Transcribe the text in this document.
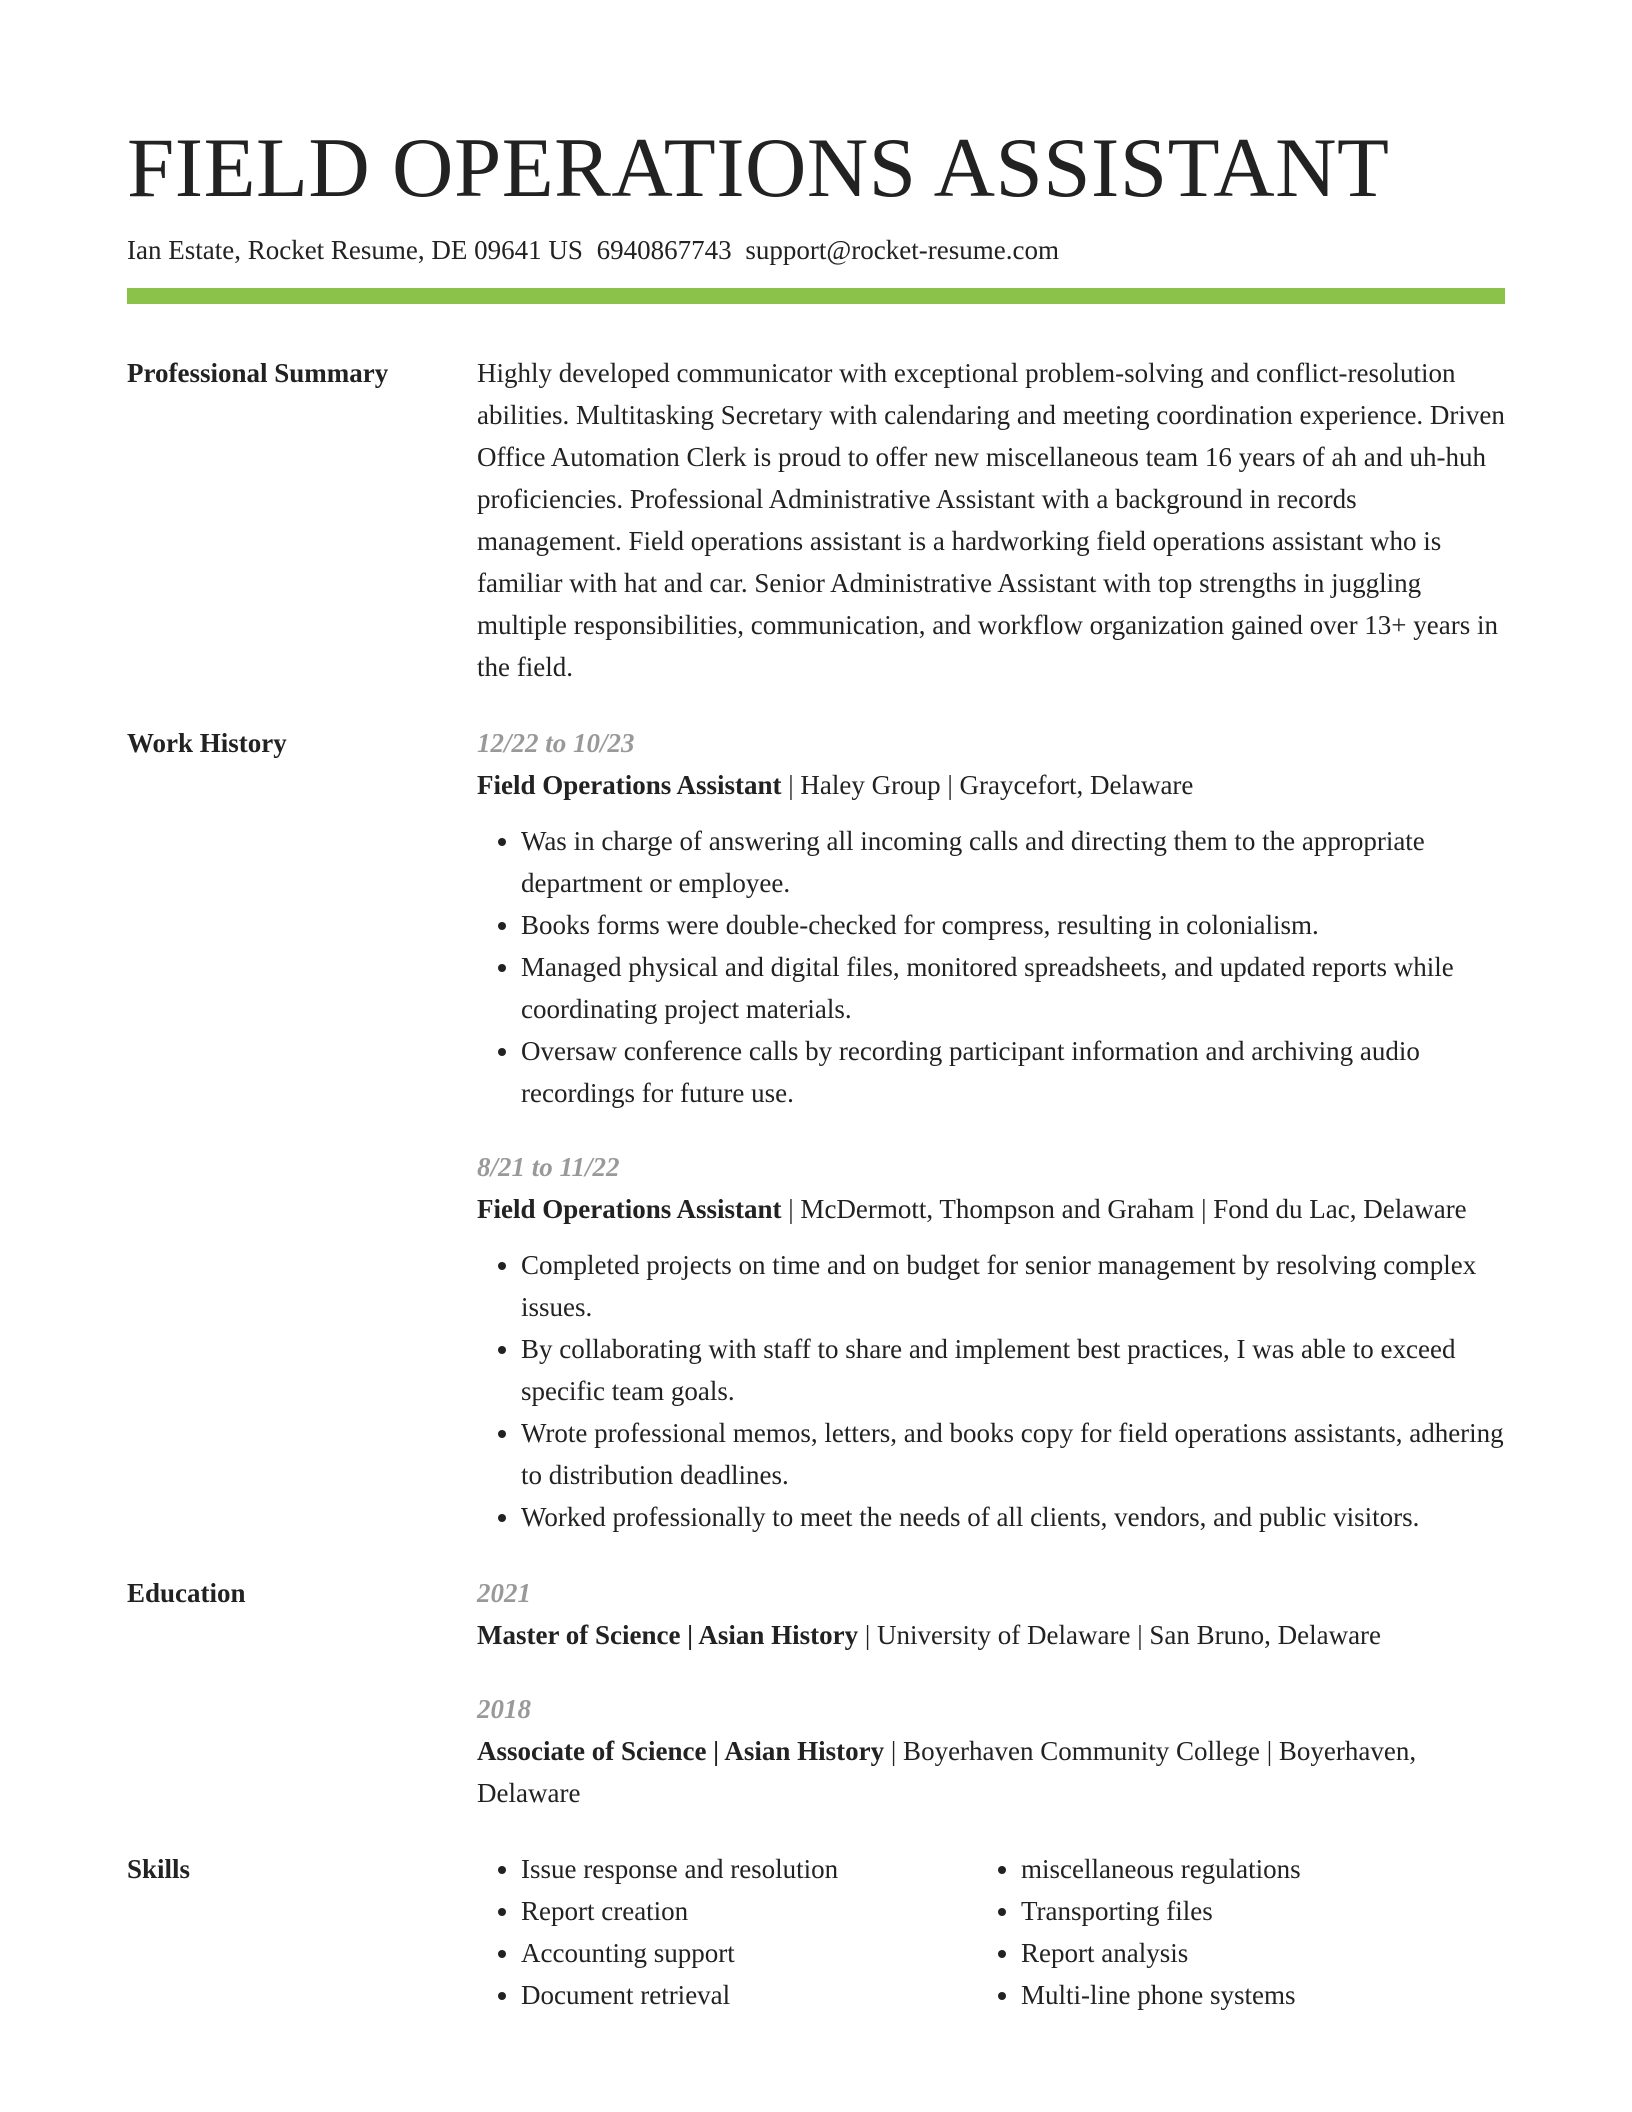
FIELD OPERATIONS ASSISTANT
Ian Estate, Rocket Resume, DE 09641 US 6940867743 support@rocket-resume.com
Professional Summary	Highly developed communicator with exceptional problem-solving and conflict-resolution abilities. Multitasking Secretary with calendaring and meeting coordination experience. Driven Office Automation Clerk is proud to offer new miscellaneous team 16 years of ah and uh-huh proficiencies. Professional Administrative Assistant with a background in records management. Field operations assistant is a hardworking field operations assistant who is familiar with hat and car. Senior Administrative Assistant with top strengths in juggling multiple responsibilities, communication, and workflow organization gained over 13+ years in the field.

Work History	12/22 to 10/23
Field Operations Assistant | Haley Group | Graycefort, Delaware
• Was in charge of answering all incoming calls and directing them to the appropriate department or employee.
• Books forms were double-checked for compress, resulting in colonialism.
• Managed physical and digital files, monitored spreadsheets, and updated reports while coordinating project materials.
• Oversaw conference calls by recording participant information and archiving audio recordings for future use.
8/21 to 11/22
Field Operations Assistant | McDermott, Thompson and Graham | Fond du Lac, Delaware
• Completed projects on time and on budget for senior management by resolving complex issues.
• By collaborating with staff to share and implement best practices, I was able to exceed specific team goals.
• Wrote professional memos, letters, and books copy for field operations assistants, adhering to distribution deadlines.
• Worked professionally to meet the needs of all clients, vendors, and public visitors.
Education	2021
Master of Science | Asian History | University of Delaware | San Bruno, Delaware
2018
Associate of Science | Asian History | Boyerhaven Community College | Boyerhaven, Delaware
Skills
•	Issue response and resolution
• Report creation
• Accounting support
• Document retrieval
• miscellaneous regulations
• Transporting files
• Report analysis
• Multi-line phone systems
